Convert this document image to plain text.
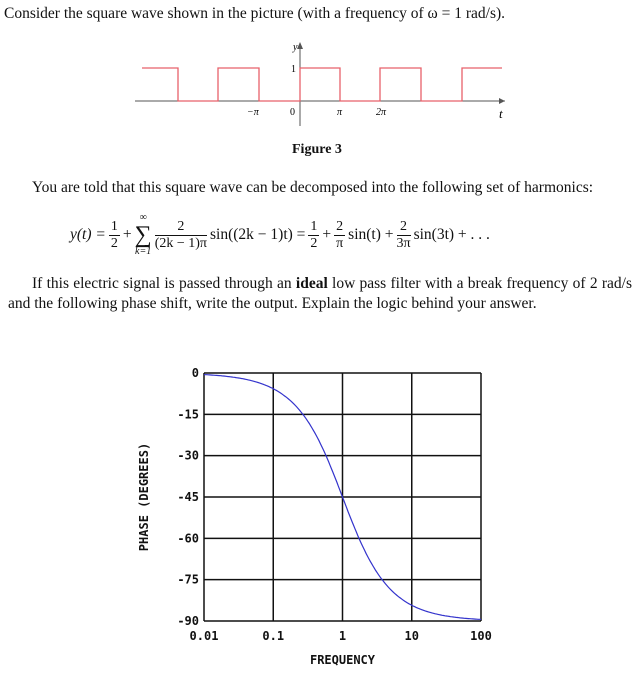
Consider the square wave shown in the picture (with a frequency of ω = 1 rad/s).

y
1
−π	0	π	2π	t

Figure 3

You are told that this square wave can be decomposed into the following set of harmonics:

$y(t) = \frac{1}{2}$ +
∞
∑
$k=1 \frac{2}{(2k - 1)\pi} \sin((2k - 1)t) = \frac{1}{2} + \frac{2}{\pi} \sin(t) + \frac{2}{3\pi} \sin(3t)$ + . . .

If this electric signal is passed through an ideal low pass filter with a break frequency of 2 rad/s and the following phase shift, write the output. Explain the logic behind your answer.

0
-15
-30
-45
-60
-75
-90
0.01	0.1	1	10	100
FREQUENCY
PHASE (DEGREES)
